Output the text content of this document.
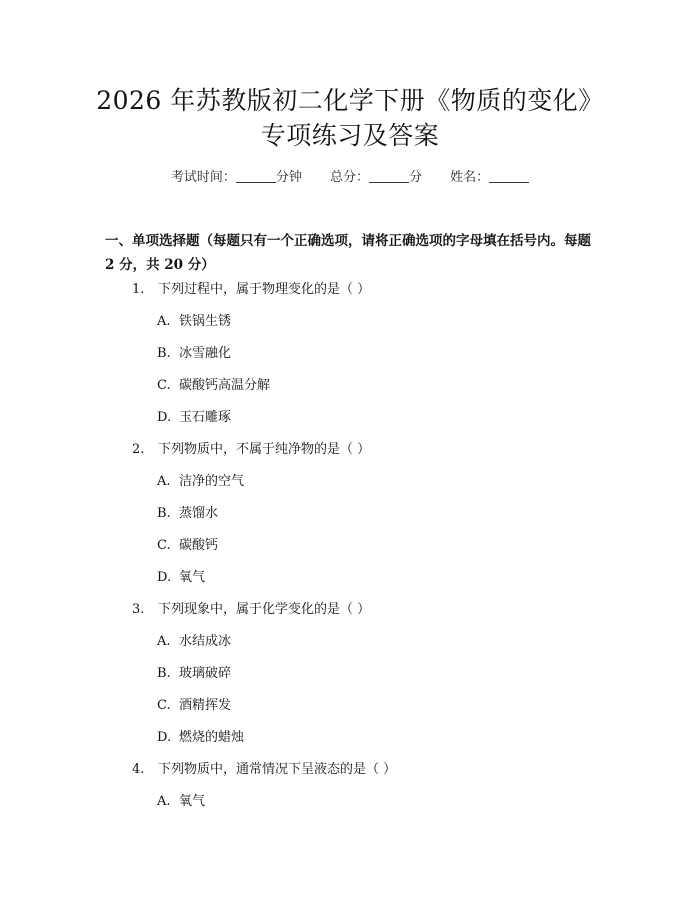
2026 年苏教版初二化学下册《物质的变化》
专项练习及答案
考试时间：	分钟 总分：	分 姓名：
一、单项选择题（每题只有一个正确选项，请将正确选项的字母填在括号内。每题 2 分，共 20 分）
1. 下列过程中，属于物理变化的是（ ）
A. 铁锅生锈
B. 冰雪融化
C. 碳酸钙高温分解
D. 玉石雕琢
2. 下列物质中，不属于纯净物的是（ ）
A. 洁净的空气
B. 蒸馏水
C. 碳酸钙
D. 氧气
3. 下列现象中，属于化学变化的是（ ）
A. 水结成冰
B. 玻璃破碎
C. 酒精挥发
D. 燃烧的蜡烛
4. 下列物质中，通常情况下呈液态的是（ ）
A. 氧气
